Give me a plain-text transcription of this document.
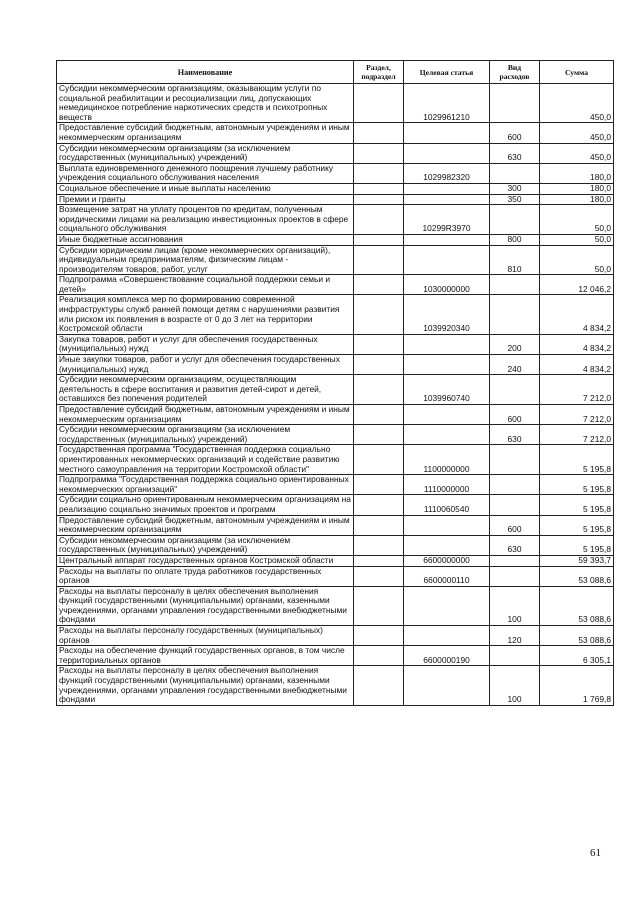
Наименование	Раздел, подраздел	Целевая статья	Вид расходов	Сумма
Субсидии некоммерческим организациям, оказывающим услуги по социальной реабилитации и ресоциализации лиц, допускающих немедицинское потребление наркотических средств и психотропных веществ		1029961210		450,0
Предоставление субсидий бюджетным, автономным учреждениям и иным некоммерческим организациям			600	450,0
Субсидии некоммерческим организациям (за исключением государственных (муниципальных) учреждений)			630	450,0
Выплата единовременного денежного поощрения лучшему работнику учреждения социального обслуживания населения		1029982320		180,0
Социальное обеспечение и иные выплаты населению			300	180,0
Премии и гранты			350	180,0
Возмещение затрат на уплату процентов по кредитам, полученным юридическими лицами на реализацию инвестиционных проектов в сфере социального обслуживания		10299R3970		50,0
Иные бюджетные ассигнования			800	50,0
Субсидии юридическим лицам (кроме некоммерческих организаций), индивидуальным предпринимателям, физическим лицам - производителям товаров, работ, услуг			810	50,0
Подпрограмма «Совершенствование социальной поддержки семьи и детей»		1030000000		12 046,2
Реализация комплекса мер по формированию современной инфраструктуры служб ранней помощи детям с нарушениями развития или риском их появления в возрасте от 0 до 3 лет на территории Костромской области		1039920340		4 834,2
Закупка товаров, работ и услуг для обеспечения государственных (муниципальных) нужд			200	4 834,2
Иные закупки товаров, работ и услуг для обеспечения государственных (муниципальных) нужд			240	4 834,2
Субсидии некоммерческим организациям, осуществляющим деятельность в сфере воспитания и развития детей-сирот и детей, оставшихся без попечения родителей		1039960740		7 212,0
Предоставление субсидий бюджетным, автономным учреждениям и иным некоммерческим организациям			600	7 212,0
Субсидии некоммерческим организациям (за исключением государственных (муниципальных) учреждений)			630	7 212,0
Государственная программа "Государственная поддержка социально ориентированных некоммерческих организаций и содействие развитию местного самоуправления на территории Костромской области"		1100000000		5 195,8
Подпрограмма "Государственная поддержка социально ориентированных некоммерческих организаций"		1110000000		5 195,8
Субсидии социально ориентированным некоммерческим организациям на реализацию социально значимых проектов и программ		1110060540		5 195,8
Предоставление субсидий бюджетным, автономным учреждениям и иным некоммерческим организациям			600	5 195,8
Субсидии некоммерческим организациям (за исключением государственных (муниципальных) учреждений)			630	5 195,8
Центральный аппарат государственных органов Костромской области		6600000000		59 393,7
Расходы на выплаты по оплате труда работников государственных органов		6600000110		53 088,6
Расходы на выплаты персоналу в целях обеспечения выполнения функций государственными (муниципальными) органами, казенными учреждениями, органами управления государственными внебюджетными фондами			100	53 088,6
Расходы на выплаты персоналу государственных (муниципальных) органов			120	53 088,6
Расходы на обеспечение функций государственных органов, в том числе территориальных органов		6600000190		6 305,1
Расходы на выплаты персоналу в целях обеспечения выполнения функций государственными (муниципальными) органами, казенными учреждениями, органами управления государственными внебюджетными фондами			100	1 769,8
61
